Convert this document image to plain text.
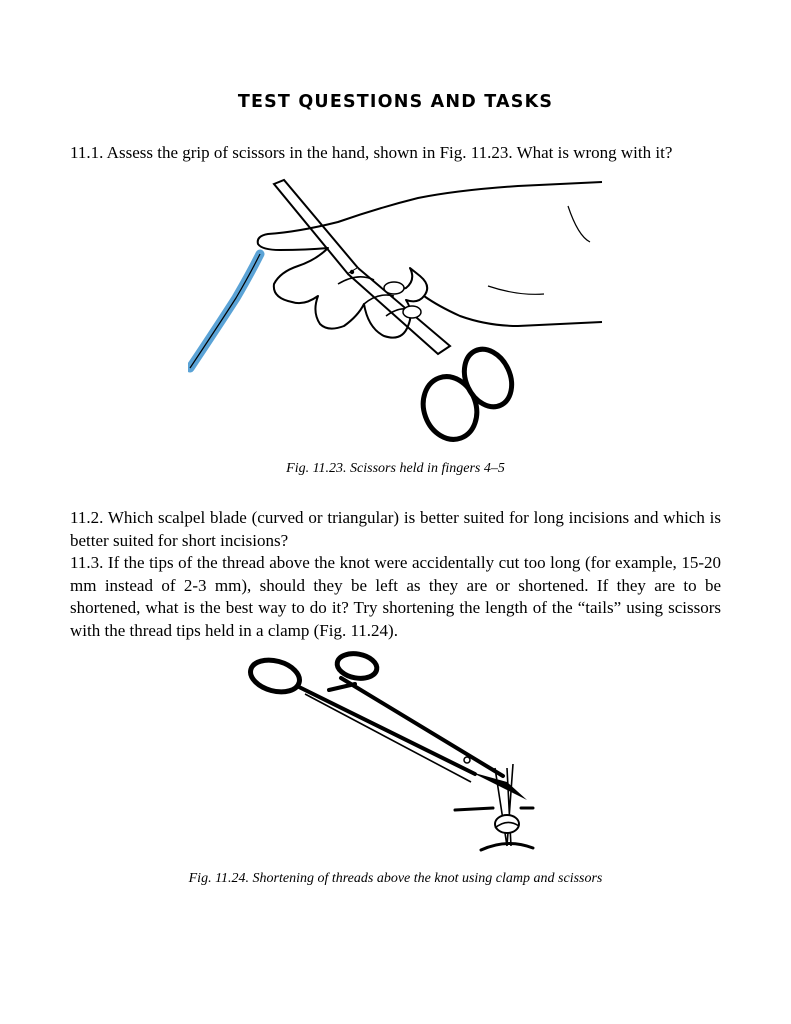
TEST QUESTIONS AND TASKS

11.1. Assess the grip of scissors in the hand, shown in Fig. 11.23. What is wrong with it?

Fig. 11.23. Scissors held in fingers 4–5

11.2. Which scalpel blade (curved or triangular) is better suited for long incisions and which is better suited for short incisions?

11.3. If the tips of the thread above the knot were accidentally cut too long (for example, 15-20 mm instead of 2-3 mm), should they be left as they are or shortened. If they are to be shortened, what is the best way to do it? Try shortening the length of the “tails” using scissors with the thread tips held in a clamp (Fig. 11.24).

Fig. 11.24. Shortening of threads above the knot using clamp and scissors
